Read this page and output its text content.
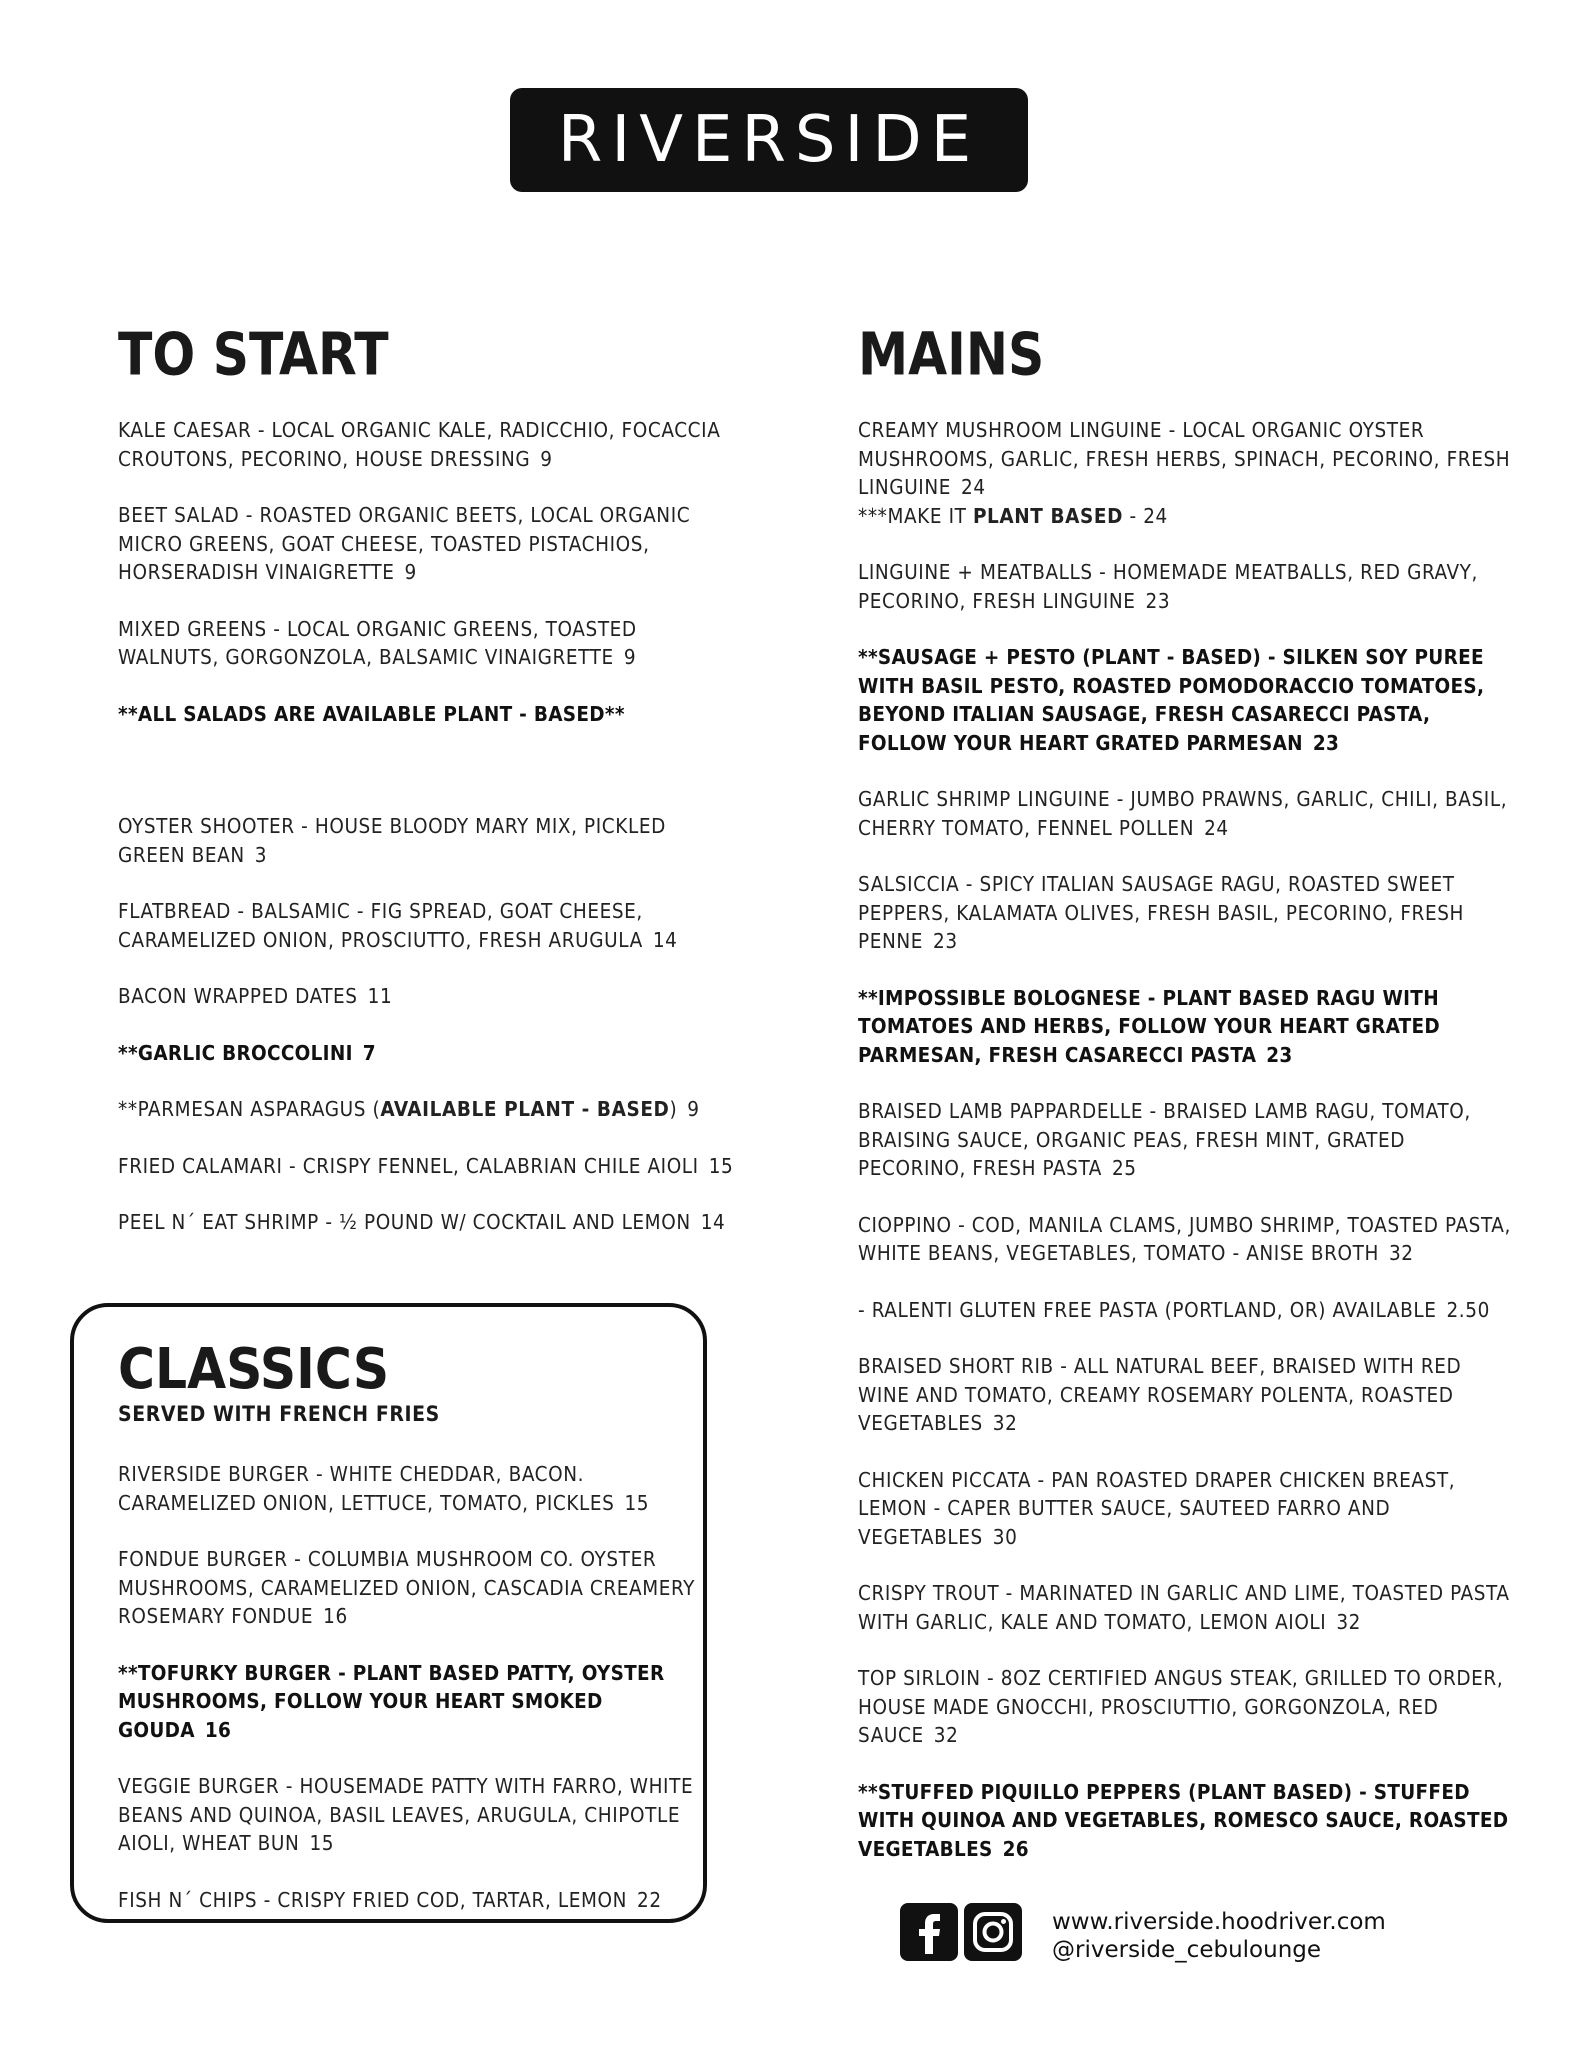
RIVERSIDE
TO START
KALE CAESAR - LOCAL ORGANIC KALE, RADICCHIO, FOCACCIA CROUTONS, PECORINO, HOUSE DRESSING 9
BEET SALAD - ROASTED ORGANIC BEETS, LOCAL ORGANIC MICRO GREENS, GOAT CHEESE, TOASTED PISTACHIOS, HORSERADISH VINAIGRETTE 9
MIXED GREENS - LOCAL ORGANIC GREENS, TOASTED WALNUTS, GORGONZOLA, BALSAMIC VINAIGRETTE 9
**ALL SALADS ARE AVAILABLE PLANT - BASED**
OYSTER SHOOTER - HOUSE BLOODY MARY MIX, PICKLED GREEN BEAN 3
FLATBREAD - BALSAMIC - FIG SPREAD, GOAT CHEESE, CARAMELIZED ONION, PROSCIUTTO, FRESH ARUGULA 14
BACON WRAPPED DATES 11
**GARLIC BROCCOLINI 7
**PARMESAN ASPARAGUS (AVAILABLE PLANT - BASED) 9
FRIED CALAMARI - CRISPY FENNEL, CALABRIAN CHILE AIOLI 15
PEEL N´ EAT SHRIMP - ½ POUND W/ COCKTAIL AND LEMON 14
CLASSICS
SERVED WITH FRENCH FRIES
RIVERSIDE BURGER - WHITE CHEDDAR, BACON. CARAMELIZED ONION, LETTUCE, TOMATO, PICKLES 15
FONDUE BURGER - COLUMBIA MUSHROOM CO. OYSTER MUSHROOMS, CARAMELIZED ONION, CASCADIA CREAMERY ROSEMARY FONDUE 16
**TOFURKY BURGER - PLANT BASED PATTY, OYSTER MUSHROOMS, FOLLOW YOUR HEART SMOKED GOUDA 16
VEGGIE BURGER - HOUSEMADE PATTY WITH FARRO, WHITE BEANS AND QUINOA, BASIL LEAVES, ARUGULA, CHIPOTLE AIOLI, WHEAT BUN 15
FISH N´ CHIPS - CRISPY FRIED COD, TARTAR, LEMON 22
MAINS
CREAMY MUSHROOM LINGUINE - LOCAL ORGANIC OYSTER MUSHROOMS, GARLIC, FRESH HERBS, SPINACH, PECORINO, FRESH LINGUINE 24
***MAKE IT PLANT BASED - 24
LINGUINE + MEATBALLS - HOMEMADE MEATBALLS, RED GRAVY, PECORINO, FRESH LINGUINE 23
**SAUSAGE + PESTO (PLANT - BASED) - SILKEN SOY PUREE WITH BASIL PESTO, ROASTED POMODORACCIO TOMATOES, BEYOND ITALIAN SAUSAGE, FRESH CASARECCI PASTA, FOLLOW YOUR HEART GRATED PARMESAN 23
GARLIC SHRIMP LINGUINE - JUMBO PRAWNS, GARLIC, CHILI, BASIL, CHERRY TOMATO, FENNEL POLLEN 24
SALSICCIA - SPICY ITALIAN SAUSAGE RAGU, ROASTED SWEET PEPPERS, KALAMATA OLIVES, FRESH BASIL, PECORINO, FRESH PENNE 23
**IMPOSSIBLE BOLOGNESE - PLANT BASED RAGU WITH TOMATOES AND HERBS, FOLLOW YOUR HEART GRATED PARMESAN, FRESH CASARECCI PASTA 23
BRAISED LAMB PAPPARDELLE - BRAISED LAMB RAGU, TOMATO, BRAISING SAUCE, ORGANIC PEAS, FRESH MINT, GRATED PECORINO, FRESH PASTA 25
CIOPPINO - COD, MANILA CLAMS, JUMBO SHRIMP, TOASTED PASTA, WHITE BEANS, VEGETABLES, TOMATO - ANISE BROTH 32
- RALENTI GLUTEN FREE PASTA (PORTLAND, OR) AVAILABLE 2.50
BRAISED SHORT RIB - ALL NATURAL BEEF, BRAISED WITH RED WINE AND TOMATO, CREAMY ROSEMARY POLENTA, ROASTED VEGETABLES 32
CHICKEN PICCATA - PAN ROASTED DRAPER CHICKEN BREAST, LEMON - CAPER BUTTER SAUCE, SAUTEED FARRO AND VEGETABLES 30
CRISPY TROUT - MARINATED IN GARLIC AND LIME, TOASTED PASTA WITH GARLIC, KALE AND TOMATO, LEMON AIOLI 32
TOP SIRLOIN - 8OZ CERTIFIED ANGUS STEAK, GRILLED TO ORDER, HOUSE MADE GNOCCHI, PROSCIUTTIO, GORGONZOLA, RED SAUCE 32
**STUFFED PIQUILLO PEPPERS (PLANT BASED) - STUFFED WITH QUINOA AND VEGETABLES, ROMESCO SAUCE, ROASTED VEGETABLES 26
www.riverside.hoodriver.com
@riverside_cebulounge
